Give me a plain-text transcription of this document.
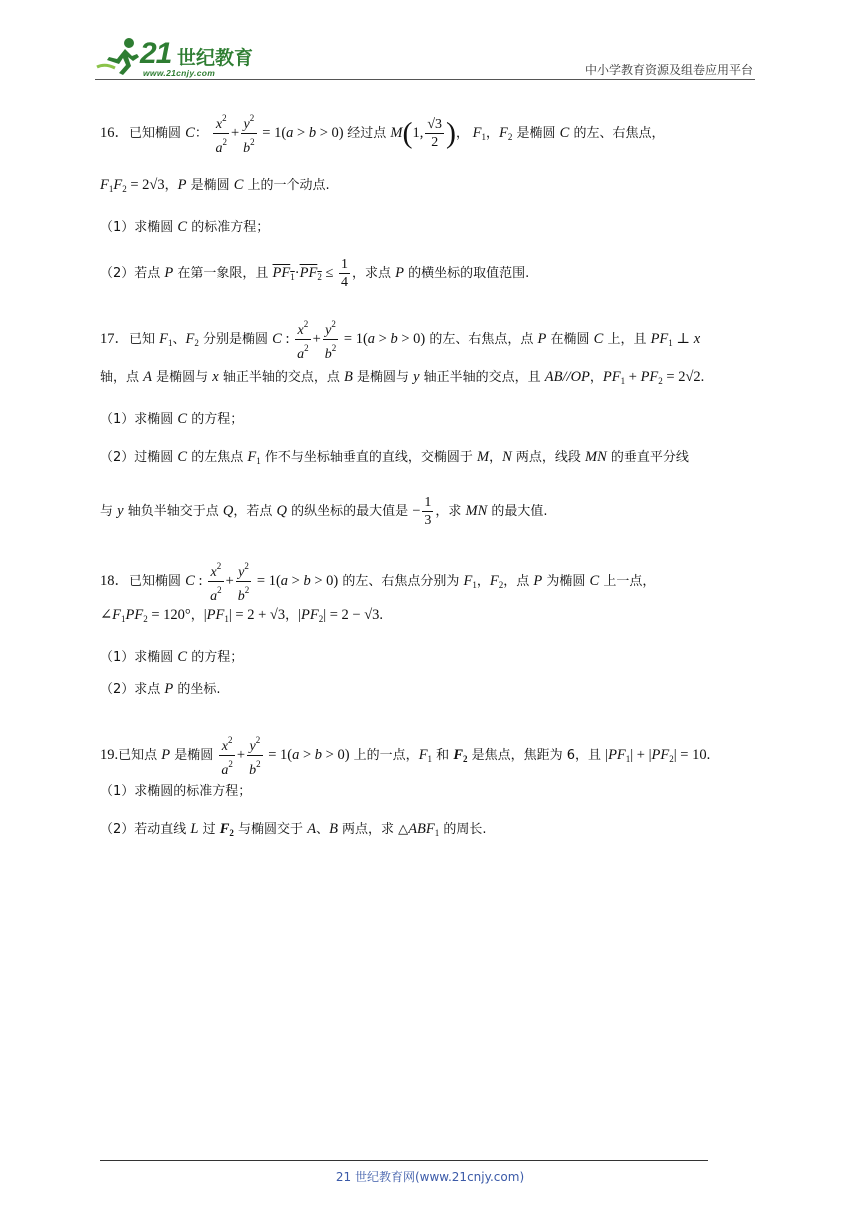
21 世纪教育
www.21cnjy.com	中小学教育资源及组卷应用平台
16．已知椭圆 C： $\frac{x^2}{a^2} + \frac{y^2}{b^2} = 1(a > b > 0)$ 经过点 M(1, $\frac{√3}{2}$ )， $F_1$，$F_2$ 是椭圆 C 的左、右焦点，
$F_1F_2 = 2√3$，P 是椭圆 C 上的一个动点.
（1）求椭圆 C 的标准方程；
（2）若点 P 在第一象限，且 $PF_1\cdot PF_2 \le \frac{1}{4}$ ，求点 P 的横坐标的取值范围.
17．已知 $F_1$、$F_2$ 分别是椭圆 C : $\frac{x^2}{a^2} + \frac{y^2}{b^2} = 1(a > b > 0)$ 的左、右焦点，点 P 在椭圆 C 上，且 $PF_1$ ⊥ x
轴，点 A 是椭圆与 x 轴正半轴的交点，点 B 是椭圆与 y 轴正半轴的交点，且 AB//OP，$PF_1 + PF_2 = 2√2$.
（1）求椭圆 C 的方程；
（2）过椭圆 C 的左焦点 $F_1$ 作不与坐标轴垂直的直线，交椭圆于 M，N 两点，线段 MN 的垂直平分线
与 y 轴负半轴交于点 Q，若点 Q 的纵坐标的最大值是 − $\frac{1}{3}$ ，求 MN 的最大值.
18．已知椭圆 C : $\frac{x^2}{a^2} + \frac{y^2}{b^2} = 1(a > b > 0)$ 的左、右焦点分别为 $F_1$，$F_2$，点 P 为椭圆 C 上一点，
$\angle F_1PF_2 = 120^\circ$，$|PF_1| = 2 + √3$，$|PF_2| = 2 - √3$.
（1）求椭圆 C 的方程；
（2）求点 P 的坐标.
19.已知点 P 是椭圆 $\frac{x^2}{a^2} + \frac{y^2}{b^2} = 1(a > b > 0)$ 上的一点，$F_1$ 和 $F_2$ 是焦点，焦距为 6，且 $|PF_1| + |PF_2| = 10$.
（1）求椭圆的标准方程；
（2）若动直线 L 过 $F_2$ 与椭圆交于 A、B 两点，求 $\triangle ABF_1$ 的周长.
21 世纪教育网(www.21cnjy.com)
